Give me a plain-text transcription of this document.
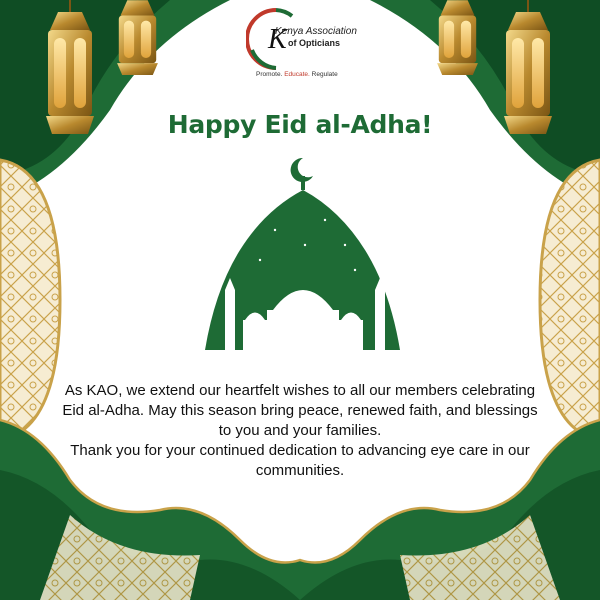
K
Kenya Association
of Opticians
Promote. Educate. Regulate
Happy Eid al-Adha!

As KAO, we extend our heartfelt wishes to all our members celebrating Eid al-Adha. May this season bring peace, renewed faith, and blessings to you and your families.

Thank you for your continued dedication to advancing eye care in our communities.
